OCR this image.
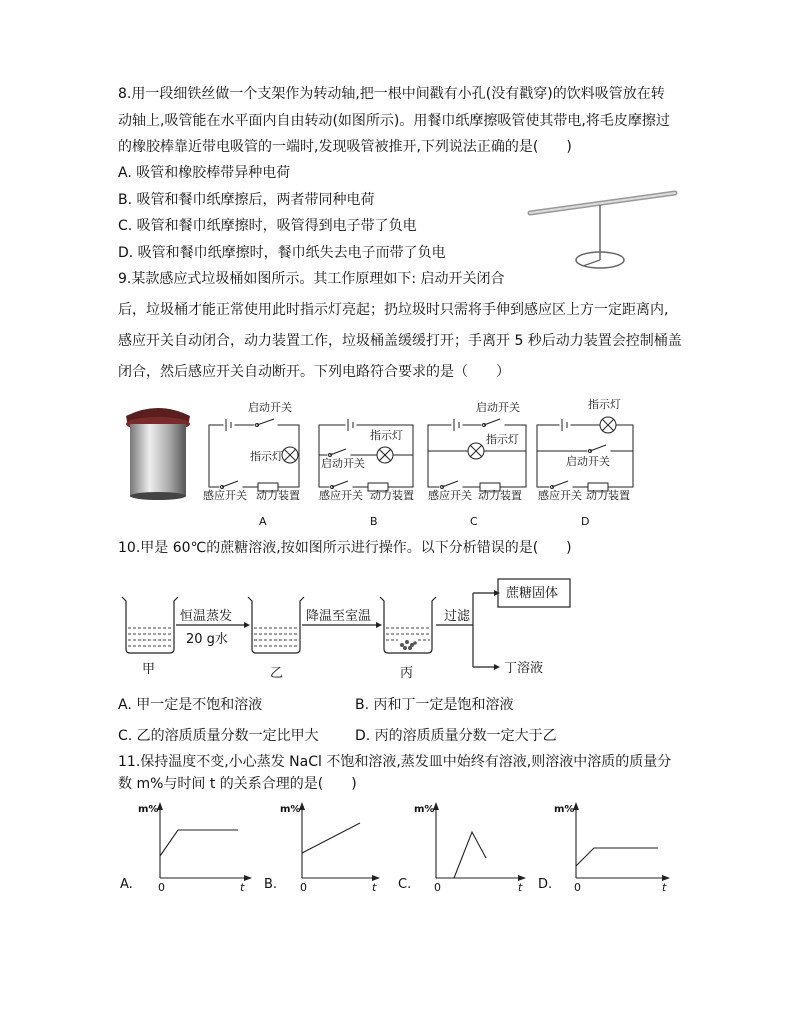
8.用一段细铁丝做一个支架作为转动轴,把一根中间戳有小孔(没有戳穿)的饮料吸管放在转
动轴上,吸管能在水平面内自由转动(如图所示)。用餐巾纸摩擦吸管使其带电,将毛皮摩擦过
的橡胶棒靠近带电吸管的一端时,发现吸管被推开,下列说法正确的是(　　)
A. 吸管和橡胶棒带异种电荷
B. 吸管和餐巾纸摩擦后，两者带同种电荷
C. 吸管和餐巾纸摩擦时，吸管得到电子带了负电
D. 吸管和餐巾纸摩擦时，餐巾纸失去电子而带了负电
9.某款感应式垃圾桶如图所示。其工作原理如下: 启动开关闭合
后，垃圾桶才能正常使用此时指示灯亮起；扔垃圾时只需将手伸到感应区上方一定距离内,
感应开关自动闭合，动力装置工作，垃圾桶盖缓缓打开；手离开 5 秒后动力装置会控制桶盖
闭合，然后感应开关自动断开。下列电路符合要求的是（　　）
启动开关
指示灯
感应开关 动力装置
指示灯
启动开关
感应开关 动力装置
启动开关
指示灯
感应开关 动力装置
指示灯
启动开关
感应开关 动力装置
A	B	C	D
10.甲是 60℃的蔗糖溶液,按如图所示进行操作。以下分析错误的是(　　)
恒温蒸发
20 g水
降温至室温	过滤
蔗糖固体
丁溶液
甲	乙	丙
A. 甲一定是不饱和溶液	B. 丙和丁一定是饱和溶液
C. 乙的溶质质量分数一定比甲大	D. 丙的溶质质量分数一定大于乙
11.保持温度不变,小心蒸发 NaCl 不饱和溶液,蒸发皿中始终有溶液,则溶液中溶质的质量分
数 m%与时间 t 的关系合理的是(　　)
m%	m%	m%	m%
0	0	0	0
t	t	t	t
A.	B.	C.	D.
